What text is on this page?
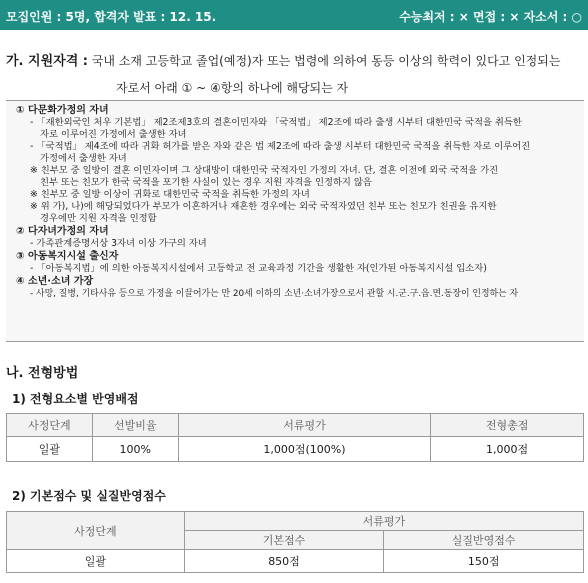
모집인원 : 5명, 합격자 발표 : 12. 15.	수능최저 : × 면접 : × 자소서 : ○
가. 지원자격 : 국내 소재 고등학교 졸업(예정)자 또는 법령에 의하여 동등 이상의 학력이 있다고 인정되는
자로서 아래 ① ~ ④항의 하나에 해당되는 자
① 다문화가정의 자녀
- 「재한외국인 처우 기본법」 제2조제3호의 결혼이민자와 「국적법」 제2조에 따라 출생 시부터 대한민국 국적을 취득한
자로 이루어진 가정에서 출생한 자녀
- 「국적법」 제4조에 따라 귀화 허가를 받은 자와 같은 법 제2조에 따라 출생 시부터 대한민국 국적을 취득한 자로 이루어진
가정에서 출생한 자녀
※ 친부모 중 일방이 결혼 이민자이며 그 상대방이 대한민국 국적자인 가정의 자녀. 단, 결혼 이전에 외국 국적을 가진
친부 또는 친모가 한국 국적을 포기한 사실이 있는 경우 지원 자격을 인정하지 않음
※ 친부모 중 일방 이상이 귀화로 대한민국 국적을 취득한 가정의 자녀
※ 위 가), 나)에 해당되었다가 부모가 이혼하거나 재혼한 경우에는 외국 국적자였던 친부 또는 친모가 친권을 유지한
경우에만 지원 자격을 인정함
② 다자녀가정의 자녀
- 가족관계증명서상 3자녀 이상 가구의 자녀
③ 아동복지시설 출신자
- 「아동복지법」에 의한 아동복지시설에서 고등학교 전 교육과정 기간을 생활한 자(인가된 아동복지시설 입소자)
④ 소년·소녀 가장
- 사망, 질병, 기타사유 등으로 가정을 이끌어가는 만 20세 이하의 소년·소녀가장으로서 관할 시.군.구.읍.면.동장이 인정하는 자
나. 전형방법
1) 전형요소별 반영배점
사정단계	선발비율	서류평가	전형총점
일괄	100%	1,000점(100%)	1,000점
2) 기본점수 및 실질반영점수
사정단계	서류평가	
	기본점수	실질반영점수
일괄	850점	150점
